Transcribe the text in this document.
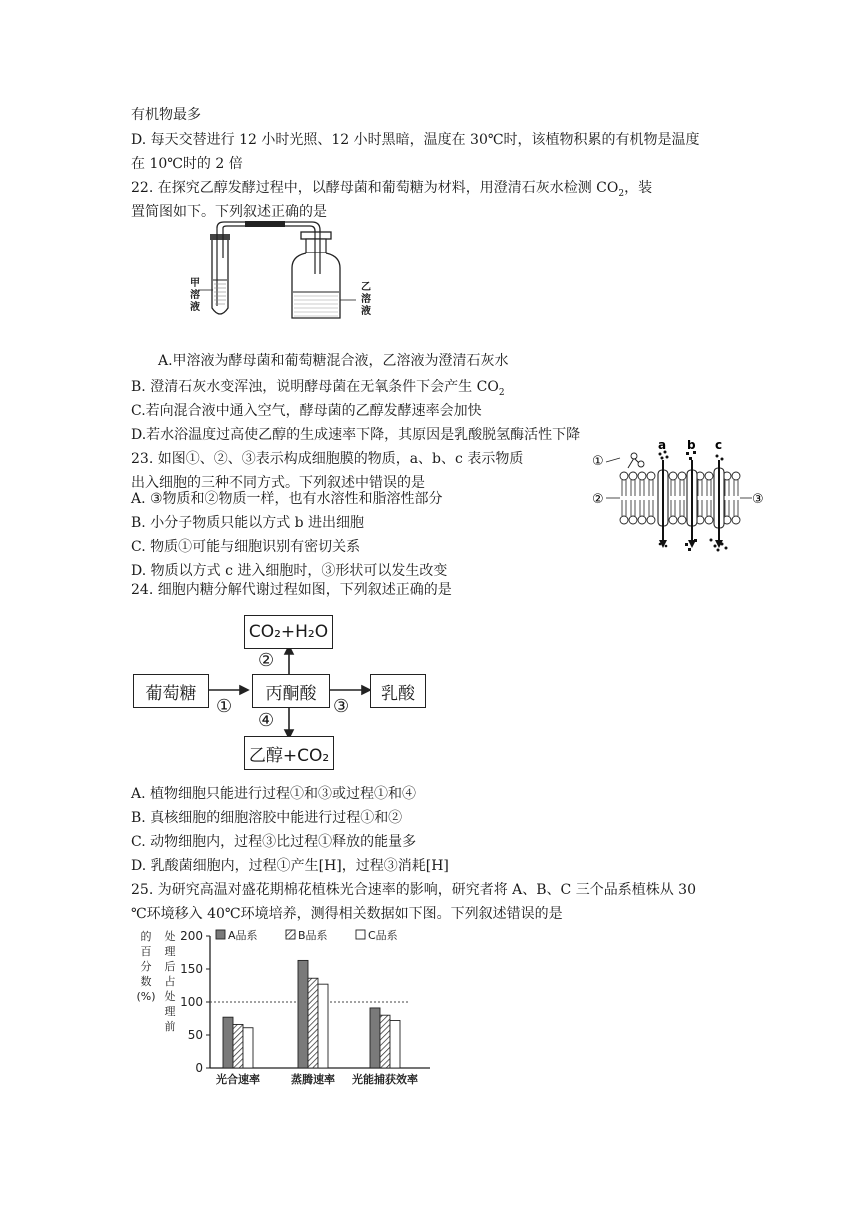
有机物最多
D. 每天交替进行 12 小时光照、12 小时黑暗，温度在 30℃时，该植物积累的有机物是温度
在 10℃时的 2 倍
22. 在探究乙醇发酵过程中，以酵母菌和葡萄糖为材料，用澄清石灰水检测 $CO_2$，装
置简图如下。下列叙述正确的是
甲
溶
液
乙
溶
液
A.甲溶液为酵母菌和葡萄糖混合液，乙溶液为澄清石灰水
B. 澄清石灰水变浑浊，说明酵母菌在无氧条件下会产生 $CO_2$
C.若向混合液中通入空气，酵母菌的乙醇发酵速率会加快
D.若水浴温度过高使乙醇的生成速率下降，其原因是乳酸脱氢酶活性下降
23. 如图①、②、③表示构成细胞膜的物质，a、b、c 表示物质
出入细胞的三种不同方式。下列叙述中错误的是
A. ③物质和②物质一样，也有水溶性和脂溶性部分
B. 小分子物质只能以方式 b 进出细胞
C. 物质①可能与细胞识别有密切关系
D. 物质以方式 c 进入细胞时，③形状可以发生改变
①
②	③
a b c
24. 细胞内糖分解代谢过程如图，下列叙述正确的是
CO₂+H₂O
葡萄糖	丙酮酸	乳酸
乙醇+CO₂
②
①	③
④
A. 植物细胞只能进行过程①和③或过程①和④
B. 真核细胞的细胞溶胶中能进行过程①和②
C. 动物细胞内，过程③比过程①释放的能量多
D. 乳酸菌细胞内，过程①产生[H]，过程③消耗[H]
25. 为研究高温对盛花期棉花植株光合速率的影响，研究者将 A、B、C 三个品系植株从 30
℃环境移入 40℃环境培养，测得相关数据如下图。下列叙述错误的是
0
50
100
150
200
的
百
分
数
(%)
处
理
后
占
处
理
前
A品系	B品系	C品系
光合速率	蒸腾速率 光能捕获效率
